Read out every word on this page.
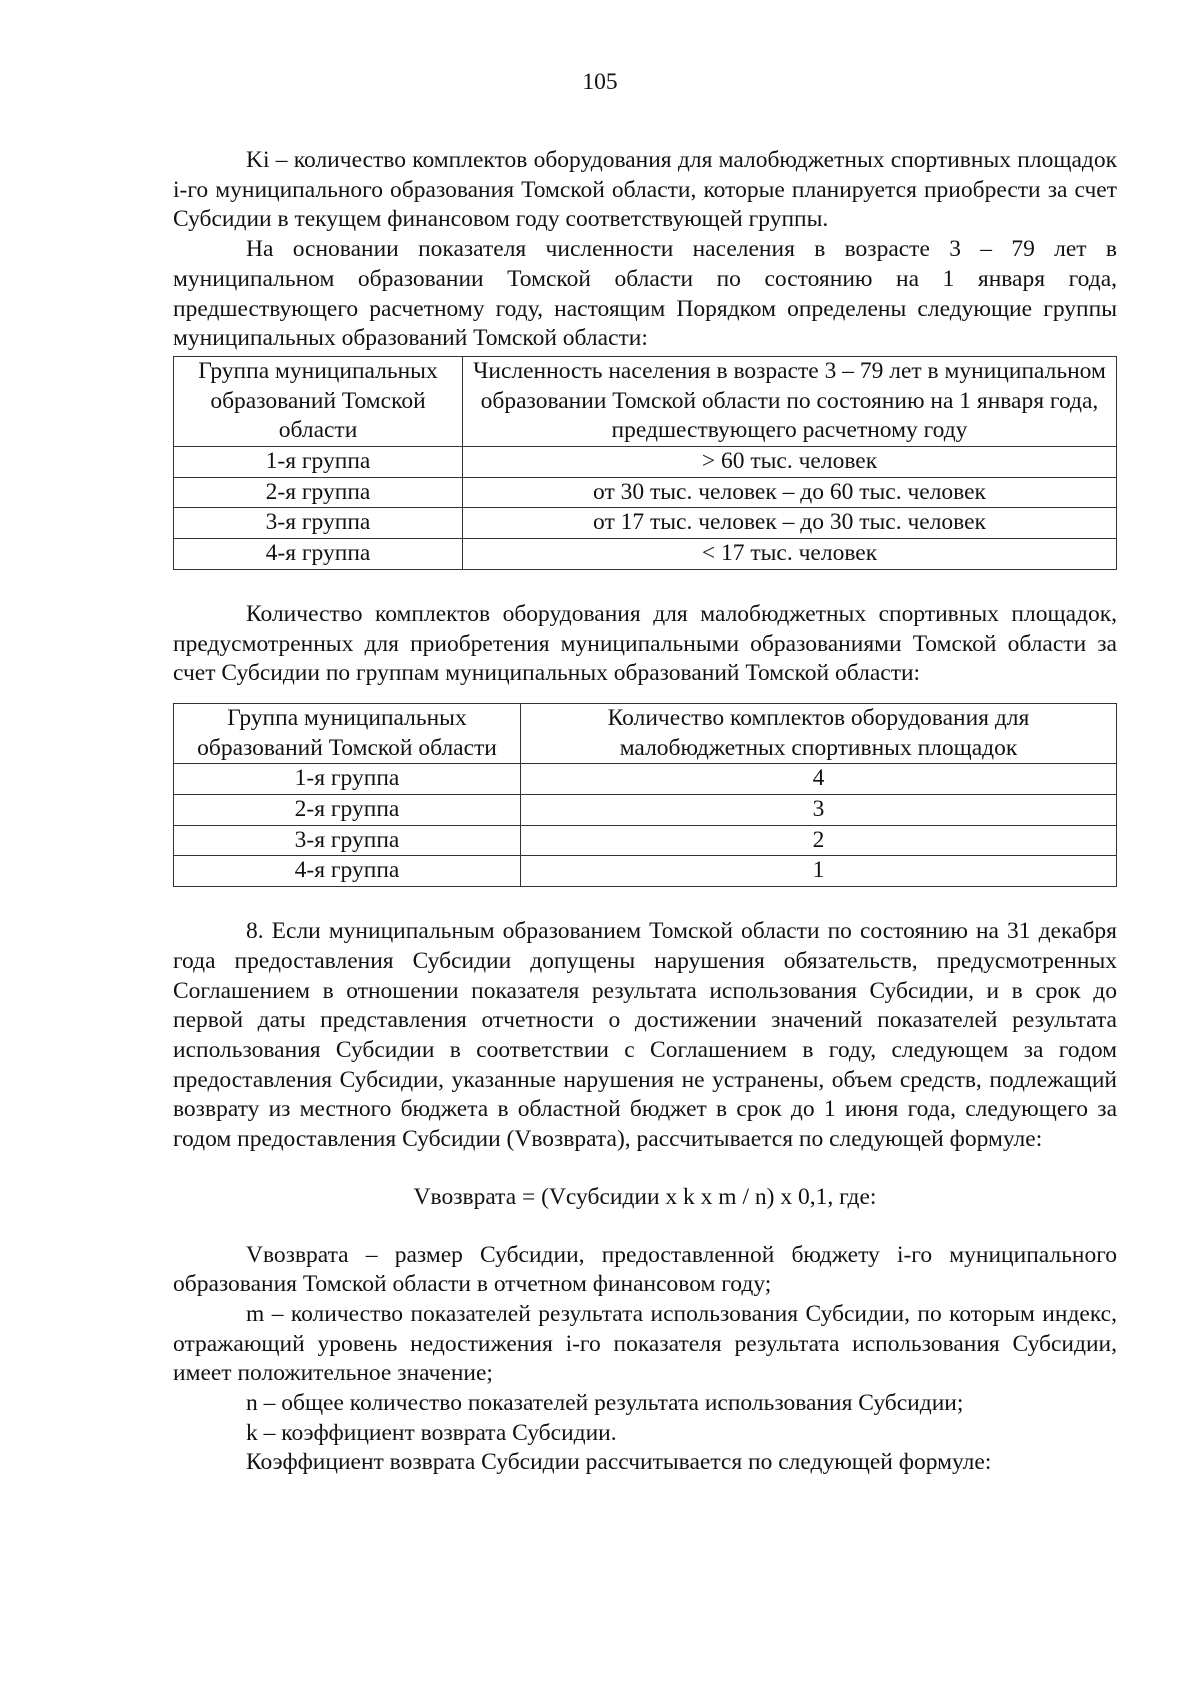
105

Ki – количество комплектов оборудования для малобюджетных спортивных площадок i-го муниципального образования Томской области, которые планируется приобрести за счет Субсидии в текущем финансовом году соответствующей группы.

На основании показателя численности населения в возрасте 3 – 79 лет в муниципальном образовании Томской области по состоянию на 1 января года, предшествующего расчетному году, настоящим Порядком определены следующие группы муниципальных образований Томской области:

Группа муниципальных образований Томской области	Численность населения в возрасте 3 – 79 лет в муниципальном образовании Томской области по состоянию на 1 января года, предшествующего расчетному году
1-я группа	> 60 тыс. человек
2-я группа	от 30 тыс. человек – до 60 тыс. человек
3-я группа	от 17 тыс. человек – до 30 тыс. человек
4-я группа	< 17 тыс. человек

Количество комплектов оборудования для малобюджетных спортивных площадок, предусмотренных для приобретения муниципальными образованиями Томской области за счет Субсидии по группам муниципальных образований Томской области:

Группа муниципальных образований Томской области	Количество комплектов оборудования для малобюджетных спортивных площадок
1-я группа	4
2-я группа	3
3-я группа	2
4-я группа	1

8. Если муниципальным образованием Томской области по состоянию на 31 декабря года предоставления Субсидии допущены нарушения обязательств, предусмотренных Соглашением в отношении показателя результата использования Субсидии, и в срок до первой даты представления отчетности о достижении значений показателей результата использования Субсидии в соответствии с Соглашением в году, следующем за годом предоставления Субсидии, указанные нарушения не устранены, объем средств, подлежащий возврату из местного бюджета в областной бюджет в срок до 1 июня года, следующего за годом предоставления Субсидии (Vвозврата), рассчитывается по следующей формуле:

Vвозврата = (Vсубсидии x k x m / n) x 0,1, где:

Vвозврата – размер Субсидии, предоставленной бюджету i-го муниципального образования Томской области в отчетном финансовом году;

m – количество показателей результата использования Субсидии, по которым индекс, отражающий уровень недостижения i-го показателя результата использования Субсидии, имеет положительное значение;

n – общее количество показателей результата использования Субсидии;

k – коэффициент возврата Субсидии.

Коэффициент возврата Субсидии рассчитывается по следующей формуле:
